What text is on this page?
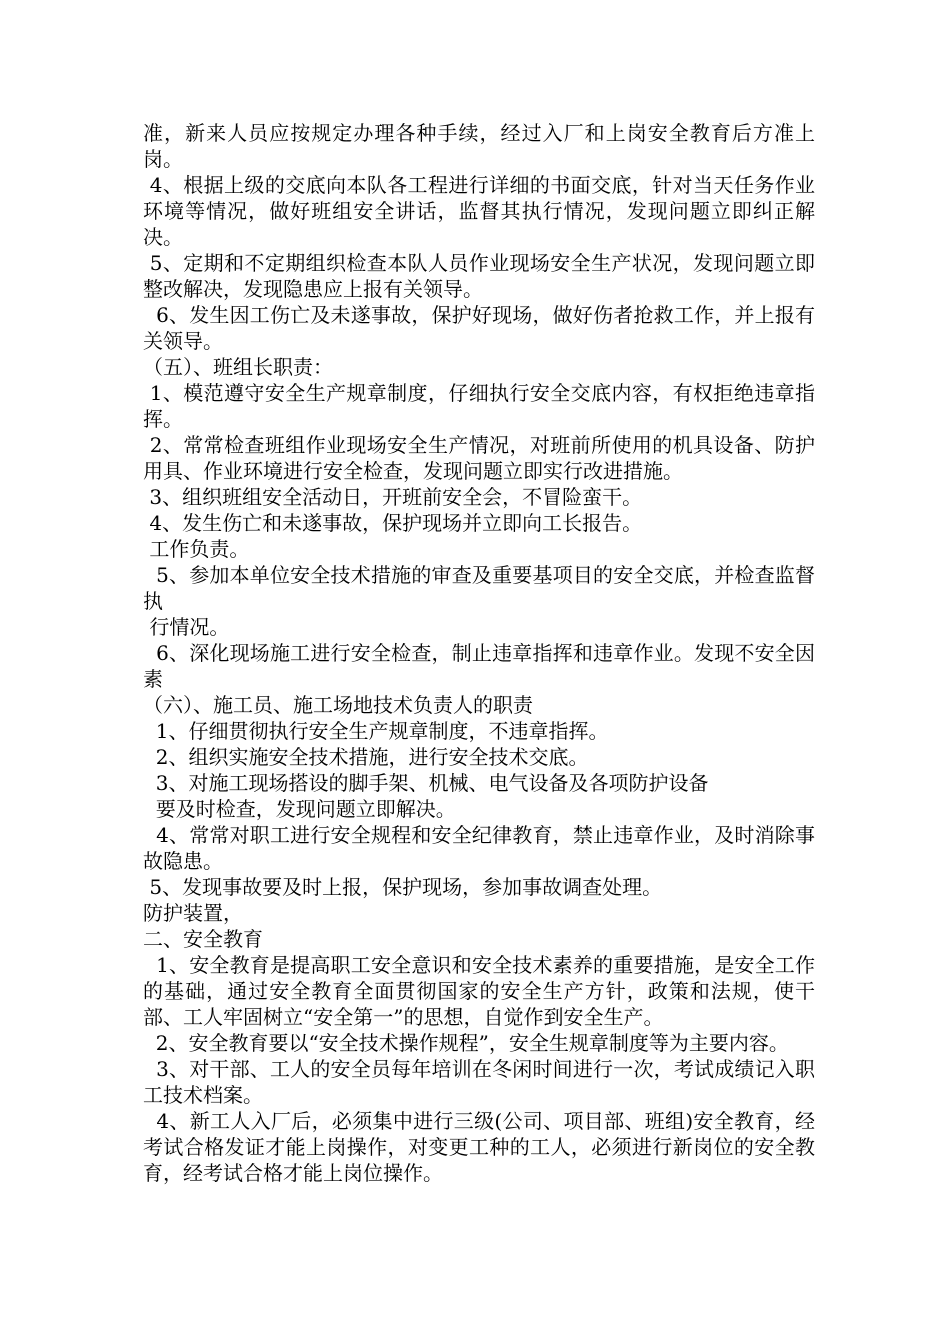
准，新来人员应按规定办理各种手续，经过入厂和上岗安全教育后方准上岗。

4、根据上级的交底向本队各工程进行详细的书面交底，针对当天任务作业环境等情况，做好班组安全讲话，监督其执行情况，发现问题立即纠正解决。

5、定期和不定期组织检查本队人员作业现场安全生产状况，发现问题立即整改解决，发现隐患应上报有关领导。

6、发生因工伤亡及未遂事故，保护好现场，做好伤者抢救工作，并上报有关领导。

（五）、班组长职责：

1、模范遵守安全生产规章制度，仔细执行安全交底内容，有权拒绝违章指挥。

2、常常检查班组作业现场安全生产情况，对班前所使用的机具设备、防护用具、作业环境进行安全检查，发现问题立即实行改进措施。

3、组织班组安全活动日，开班前安全会，不冒险蛮干。

4、发生伤亡和未遂事故，保护现场并立即向工长报告。

工作负责。

5、参加本单位安全技术措施的审查及重要基项目的安全交底，并检查监督执

行情况。

6、深化现场施工进行安全检查，制止违章指挥和违章作业。发现不安全因素

（六）、施工员、施工场地技术负责人的职责

1、仔细贯彻执行安全生产规章制度，不违章指挥。

2、组织实施安全技术措施，进行安全技术交底。

3、对施工现场搭设的脚手架、机械、电气设备及各项防护设备

要及时检查，发现问题立即解决。

4、常常对职工进行安全规程和安全纪律教育，禁止违章作业，及时消除事故隐患。

5、发现事故要及时上报，保护现场，参加事故调查处理。

防护装置，

二、安全教育

1、安全教育是提高职工安全意识和安全技术素养的重要措施，是安全工作的基础，通过安全教育全面贯彻国家的安全生产方针，政策和法规，使干部、工人牢固树立“安全第一”的思想，自觉作到安全生产。

2、安全教育要以“安全技术操作规程”，安全生规章制度等为主要内容。

3、对干部、工人的安全员每年培训在冬闲时间进行一次，考试成绩记入职工技术档案。

4、新工人入厂后，必须集中进行三级(公司、项目部、班组)安全教育，经考试合格发证才能上岗操作，对变更工种的工人，必须进行新岗位的安全教育，经考试合格才能上岗位操作。
